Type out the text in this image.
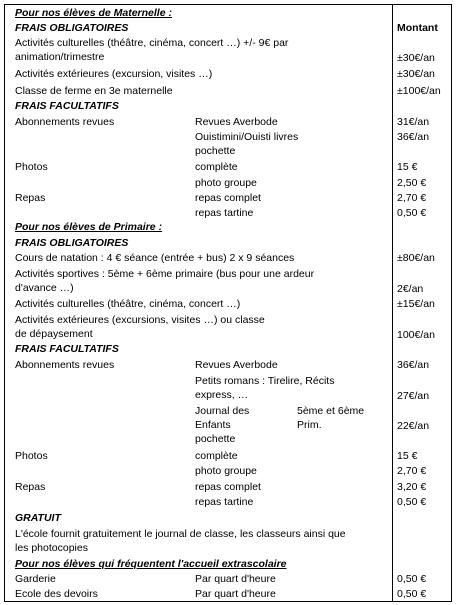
Pour nos élèves de Maternelle :
Montant
FRAIS OBLIGATOIRES
Activités culturelles (théâtre, cinéma, concert …) +/- 9€ par
animation/trimestre	±30€/an
Activités extérieures (excursion, visites …)	±30€/an
Classe de ferme en 3e maternelle	±100€/an
FRAIS FACULTATIFS
Abonnements revues	Revues Averbode	31€/an
Ouistimini/Ouisti livres	36€/an
pochette
Photos	complète	15 €
photo groupe	2,50 €
Repas	repas complet	2,70 €
repas tartine	0,50 €
Pour nos élèves de Primaire :
FRAIS OBLIGATOIRES
Cours de natation : 4 € séance (entrée + bus) 2 x 9 séances	±80€/an
Activités sportives : 5ème + 6ème primaire (bus pour une ardeur
d'avance …)	2€/an
Activités culturelles (théâtre, cinéma, concert …)	±15€/an
Activités extérieures (excursions, visites …) ou classe
de dépaysement	100€/an
FRAIS FACULTATIFS
Abonnements revues	Revues Averbode	36€/an
Petits romans : Tirelire, Récits
express, …	27€/an
Journal des	5ème et 6ème
Enfants	Prim.	22€/an
pochette
Photos	complète	15 €
photo groupe	2,70 €
Repas	repas complet	3,20 €
repas tartine	0,50 €
GRATUIT
L'école fournit gratuitement le journal de classe, les classeurs ainsi que
les photocopies
Pour nos élèves qui fréquentent l'accueil extrascolaire
Garderie	Par quart d'heure	0,50 €
Ecole des devoirs	Par quart d'heure	0,50 €
